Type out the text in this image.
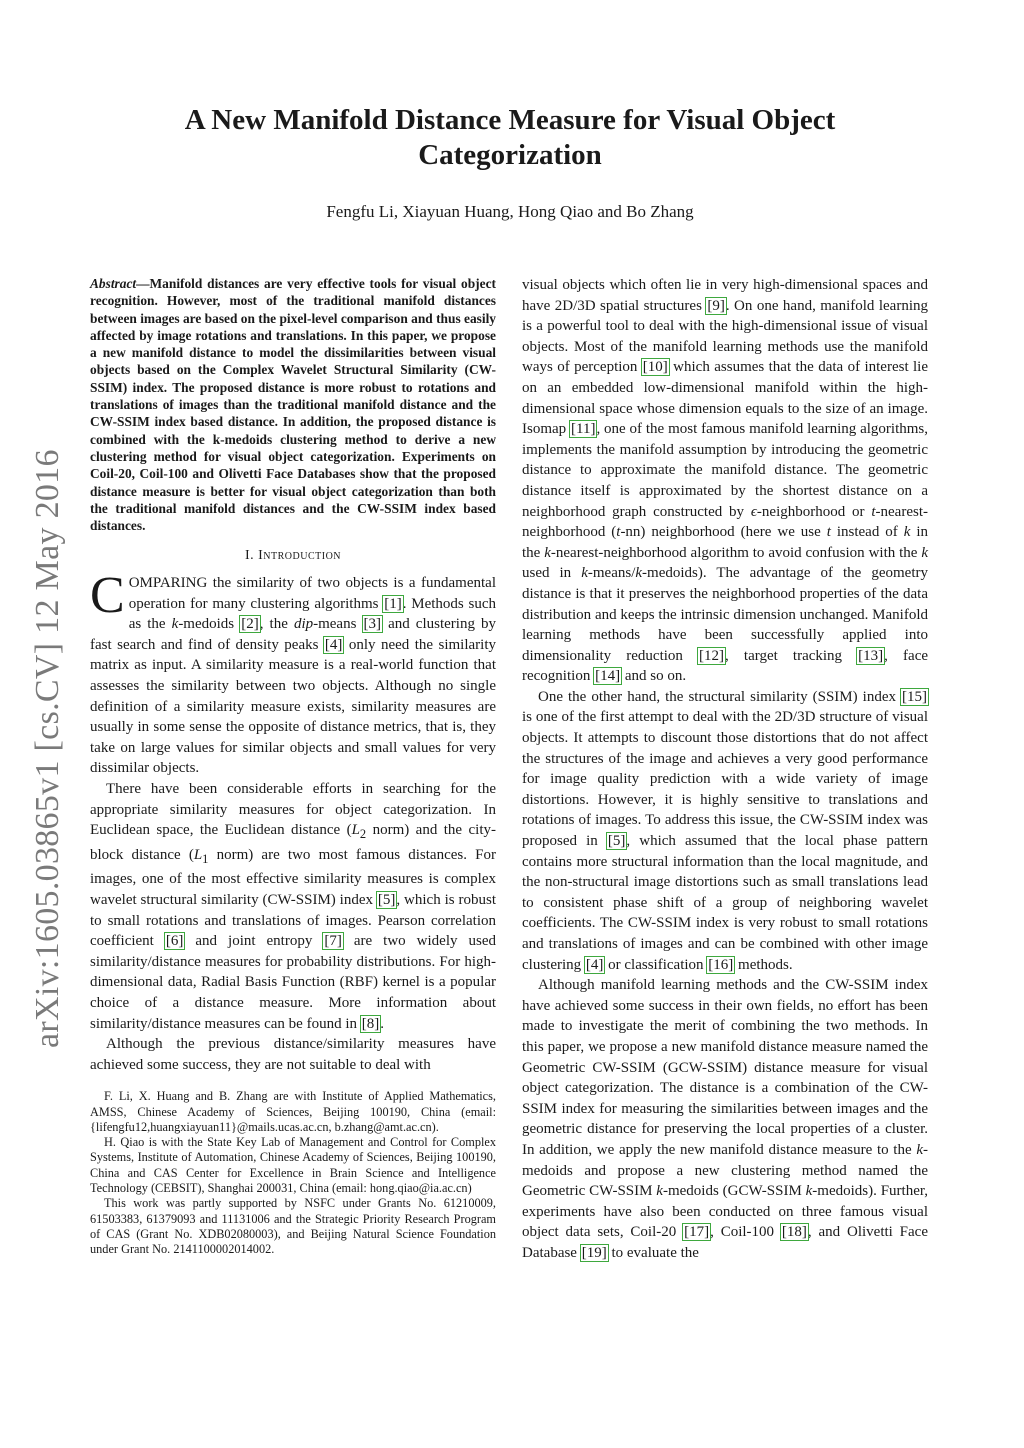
A New Manifold Distance Measure for Visual Object Categorization
Fengfu Li, Xiayuan Huang, Hong Qiao and Bo Zhang
arXiv:1605.03865v1 [cs.CV] 12 May 2016

Abstract—Manifold distances are very effective tools for visual object recognition. However, most of the traditional manifold distances between images are based on the pixel-level comparison and thus easily affected by image rotations and translations. In this paper, we propose a new manifold distance to model the dissimilarities between visual objects based on the Complex Wavelet Structural Similarity (CW-SSIM) index. The proposed distance is more robust to rotations and translations of images than the traditional manifold distance and the CW-SSIM index based distance. In addition, the proposed distance is combined with the k-medoids clustering method to derive a new clustering method for visual object categorization. Experiments on Coil-20, Coil-100 and Olivetti Face Databases show that the proposed distance measure is better for visual object categorization than both the traditional manifold distances and the CW-SSIM index based distances.

I. Introduction

COMPARING the similarity of two objects is a fundamental operation for many clustering algorithms [1]. Methods such as the k-medoids [2], the dip-means [3] and clustering by fast search and find of density peaks [4] only need the similarity matrix as input. A similarity measure is a real-world function that assesses the similarity between two objects. Although no single definition of a similarity measure exists, similarity measures are usually in some sense the opposite of distance metrics, that is, they take on large values for similar objects and small values for very dissimilar objects.

There have been considerable efforts in searching for the appropriate similarity measures for object categorization. In Euclidean space, the Euclidean distance ($L_2$ norm) and the city-block distance ($L_1$ norm) are two most famous distances. For images, one of the most effective similarity measures is complex wavelet structural similarity (CW-SSIM) index [5], which is robust to small rotations and translations of images. Pearson correlation coefficient [6] and joint entropy [7] are two widely used similarity/distance measures for probability distributions. For high-dimensional data, Radial Basis Function (RBF) kernel is a popular choice of a distance measure. More information about similarity/distance measures can be found in [8].

Although the previous distance/similarity measures have achieved some success, they are not suitable to deal with

F. Li, X. Huang and B. Zhang are with Institute of Applied Mathematics, AMSS, Chinese Academy of Sciences, Beijing 100190, China (email: {lifengfu12,huangxiayuan11}@mails.ucas.ac.cn, b.zhang@amt.ac.cn).

H. Qiao is with the State Key Lab of Management and Control for Complex Systems, Institute of Automation, Chinese Academy of Sciences, Beijing 100190, China and CAS Center for Excellence in Brain Science and Intelligence Technology (CEBSIT), Shanghai 200031, China (email: hong.qiao@ia.ac.cn)

This work was partly supported by NSFC under Grants No. 61210009, 61503383, 61379093 and 11131006 and the Strategic Priority Research Program of CAS (Grant No. XDB02080003), and Beijing Natural Science Foundation under Grant No. 2141100002014002.

visual objects which often lie in very high-dimensional spaces and have 2D/3D spatial structures [9]. On one hand, manifold learning is a powerful tool to deal with the high-dimensional issue of visual objects. Most of the manifold learning methods use the manifold ways of perception [10] which assumes that the data of interest lie on an embedded low-dimensional manifold within the high-dimensional space whose dimension equals to the size of an image. Isomap [11], one of the most famous manifold learning algorithms, implements the manifold assumption by introducing the geometric distance to approximate the manifold distance. The geometric distance itself is approximated by the shortest distance on a neighborhood graph constructed by ϵ-neighborhood or t-nearest-neighborhood (t-nn) neighborhood (here we use t instead of k in the k-nearest-neighborhood algorithm to avoid confusion with the k used in k-means/k-medoids). The advantage of the geometry distance is that it preserves the neighborhood properties of the data distribution and keeps the intrinsic dimension unchanged. Manifold learning methods have been successfully applied into dimensionality reduction [12], target tracking [13], face recognition [14] and so on.

One the other hand, the structural similarity (SSIM) index [15] is one of the first attempt to deal with the 2D/3D structure of visual objects. It attempts to discount those distortions that do not affect the structures of the image and achieves a very good performance for image quality prediction with a wide variety of image distortions. However, it is highly sensitive to translations and rotations of images. To address this issue, the CW-SSIM index was proposed in [5], which assumed that the local phase pattern contains more structural information than the local magnitude, and the non-structural image distortions such as small translations lead to consistent phase shift of a group of neighboring wavelet coefficients. The CW-SSIM index is very robust to small rotations and translations of images and can be combined with other image clustering [4] or classification [16] methods.

Although manifold learning methods and the CW-SSIM index have achieved some success in their own fields, no effort has been made to investigate the merit of combining the two methods. In this paper, we propose a new manifold distance measure named the Geometric CW-SSIM (GCW-SSIM) distance measure for visual object categorization. The distance is a combination of the CW-SSIM index for measuring the similarities between images and the geometric distance for preserving the local properties of a cluster. In addition, we apply the new manifold distance measure to the k-medoids and propose a new clustering method named the Geometric CW-SSIM k-medoids (GCW-SSIM k-medoids). Further, experiments have also been conducted on three famous visual object data sets, Coil-20 [17], Coil-100 [18], and Olivetti Face Database [19] to evaluate the
